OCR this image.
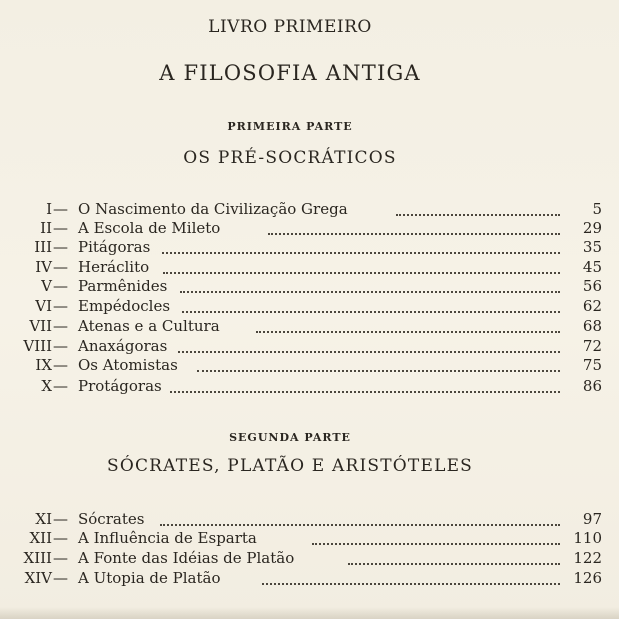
LIVRO PRIMEIRO
A FILOSOFIA ANTIGA
PRIMEIRA PARTE
OS PRÉ-SOCRÁTICOS
I — O Nascimento da Civilização Grega	5
II — A Escola de Mileto	29
III — Pitágoras	35
IV — Heráclito	45
V — Parmênides	56
VI — Empédocles	62
VII — Atenas e a Cultura	68
VIII — Anaxágoras	72
IX — Os Atomistas	75
X — Protágoras	86
SEGUNDA PARTE
SÓCRATES, PLATÃO E ARISTÓTELES
XI — Sócrates	97
XII — A Influência de Esparta	110
XIII — A Fonte das Idéias de Platão	122
XIV — A Utopia de Platão	126
